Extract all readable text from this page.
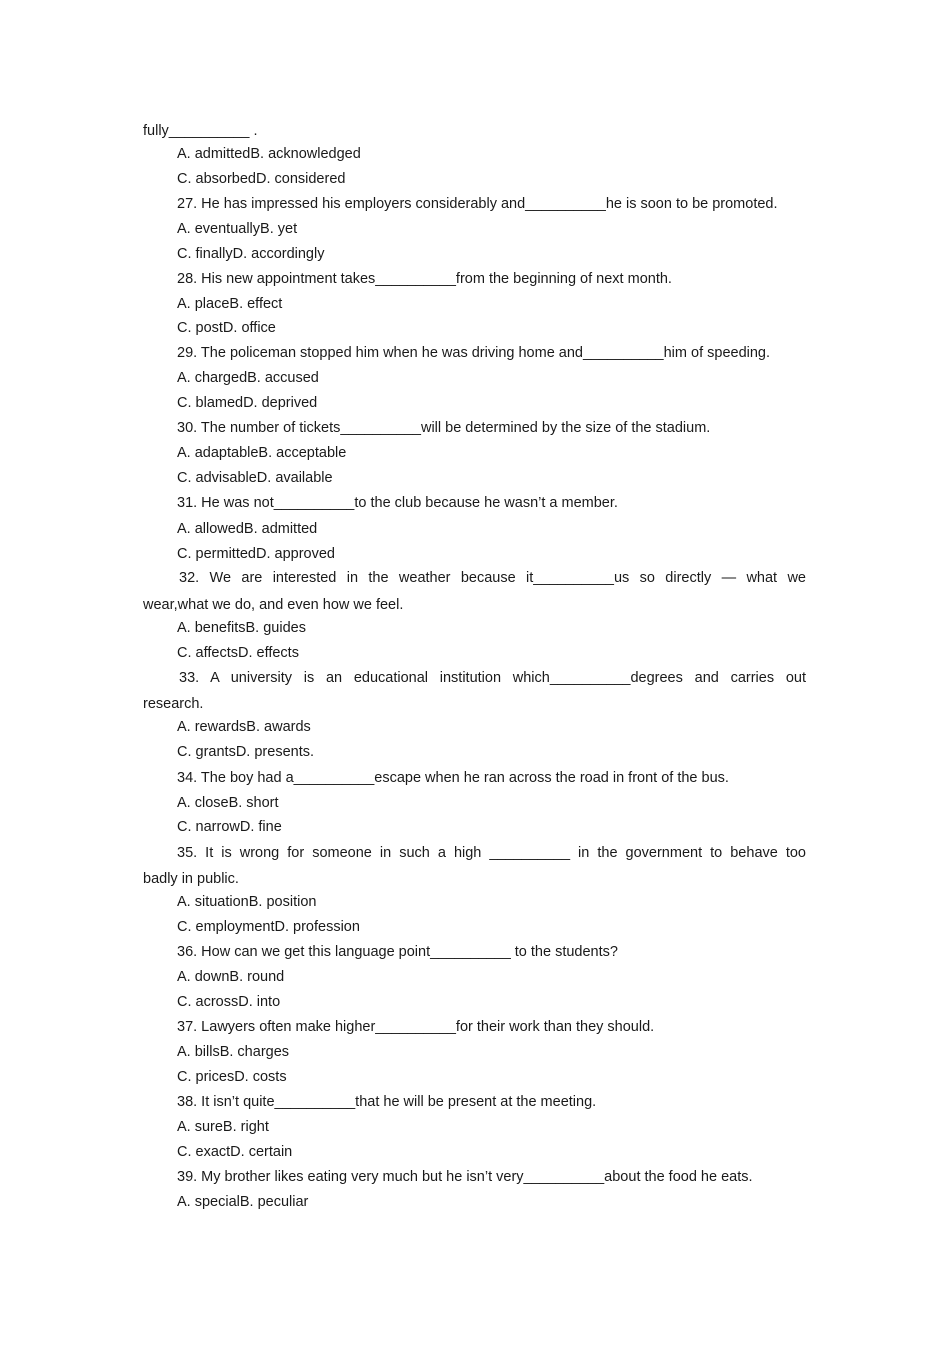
fully__________ .
A. admittedB. acknowledged
C. absorbedD. considered
27. He has impressed his employers considerably and__________he is soon to be promoted.
A. eventuallyB. yet
C. finallyD. accordingly
28. His new appointment takes__________from the beginning of next month.
A. placeB. effect
C. postD. office
29. The policeman stopped him when he was driving home and__________him of speeding.
A. chargedB. accused
C. blamedD. deprived
30. The number of tickets__________will be determined by the size of the stadium.
A. adaptableB. acceptable
C. advisableD. available
31. He was not__________to the club because he wasn’t a member.
A. allowedB. admitted
C. permittedD. approved
32. We are interested in the weather because it__________us so directly — what we
wear,what we do, and even how we feel.
A. benefitsB. guides
C. affectsD. effects
33. A university is an educational institution which__________degrees and carries out
research.
A. rewardsB. awards
C. grantsD. presents.
34. The boy had a__________escape when he ran across the road in front of the bus.
A. closeB. short
C. narrowD. fine
35. It is wrong for someone in such a high __________ in the government to behave too
badly in public.
A. situationB. position
C. employmentD. profession
36. How can we get this language point__________ to the students?
A. downB. round
C. acrossD. into
37. Lawyers often make higher__________for their work than they should.
A. billsB. charges
C. pricesD. costs
38. It isn’t quite__________that he will be present at the meeting.
A. sureB. right
C. exactD. certain
39. My brother likes eating very much but he isn’t very__________about the food he eats.
A. specialB. peculiar
